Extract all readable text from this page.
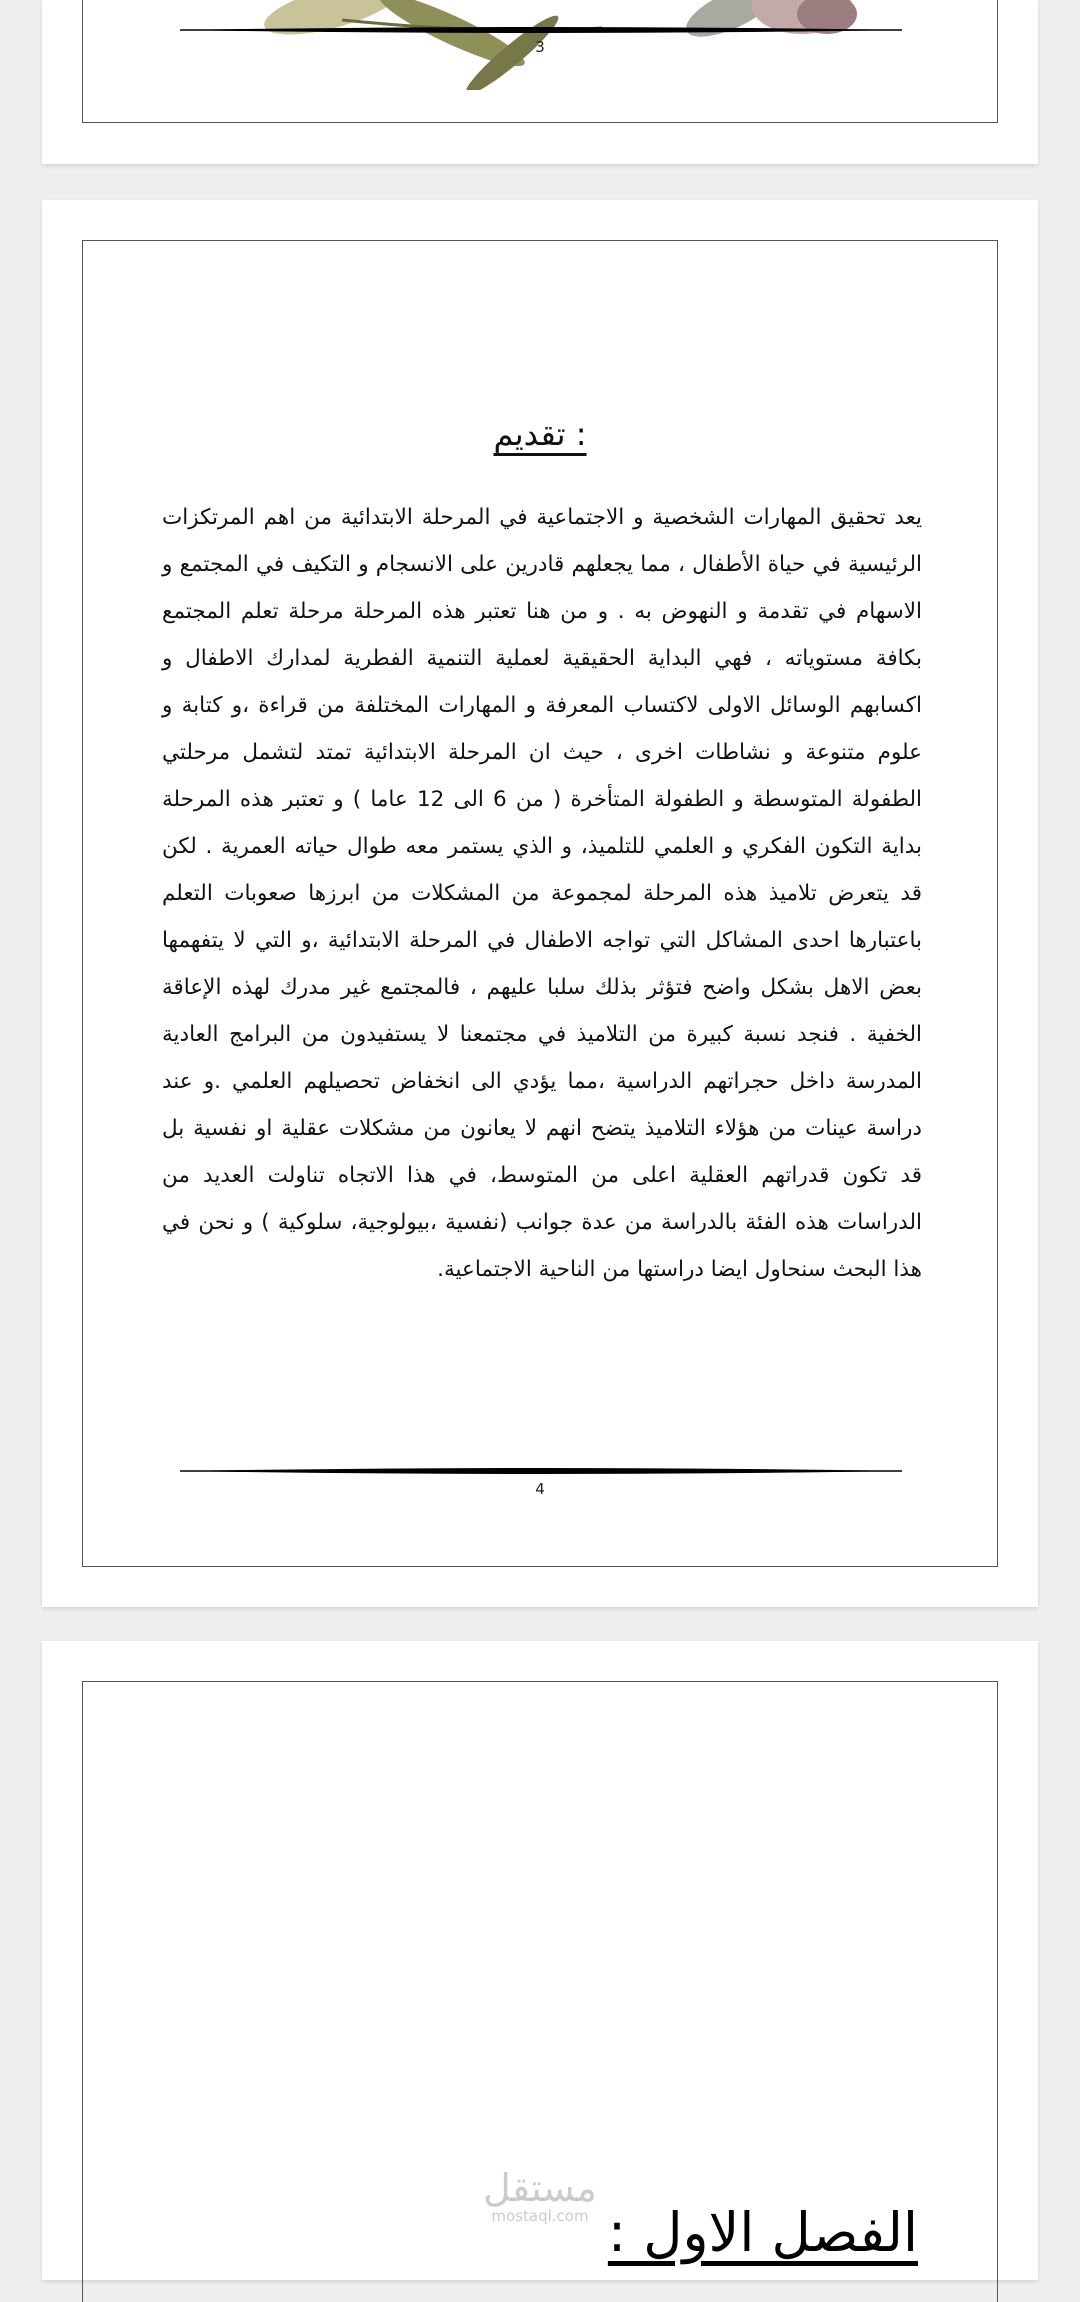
3
تقديم :

يعد تحقيق المهارات الشخصية و الاجتماعية في المرحلة الابتدائية من اهم المرتكزات الرئيسية في حياة الأطفال ، مما يجعلهم قادرين على الانسجام و التكيف في المجتمع و الاسهام في تقدمة و النهوض به . و من هنا تعتبر هذه المرحلة مرحلة تعلم المجتمع بكافة مستوياته ، فهي البداية الحقيقية لعملية التنمية الفطرية لمدارك الاطفال و اكسابهم الوسائل الاولى لاكتساب المعرفة و المهارات المختلفة من قراءة ،و كتابة و علوم متنوعة و نشاطات اخرى ، حيث ان المرحلة الابتدائية تمتد لتشمل مرحلتي الطفولة المتوسطة و الطفولة المتأخرة ( من 6 الى 12 عاما ) و تعتبر هذه المرحلة بداية التكون الفكري و العلمي للتلميذ، و الذي يستمر معه طوال حياته العمرية . لكن قد يتعرض تلاميذ هذه المرحلة لمجموعة من المشكلات من ابرزها صعوبات التعلم باعتبارها احدى المشاكل التي تواجه الاطفال في المرحلة الابتدائية ،و التي لا يتفهمها بعض الاهل بشكل واضح فتؤثر بذلك سلبا عليهم ، فالمجتمع غير مدرك لهذه الإعاقة الخفية . فنجد نسبة كبيرة من التلاميذ في مجتمعنا لا يستفيدون من البرامج العادية المدرسة داخل حجراتهم الدراسية ،مما يؤدي الى انخفاض تحصيلهم العلمي .و عند دراسة عينات من هؤلاء التلاميذ يتضح انهم لا يعانون من مشكلات عقلية او نفسية بل قد تكون قدراتهم العقلية اعلى من المتوسط، في هذا الاتجاه تناولت العديد من الدراسات هذه الفئة بالدراسة من عدة جوانب (نفسية ،بيولوجية، سلوكية ) و نحن في هذا البحث سنحاول ايضا دراستها من الناحية الاجتماعية.

4
الفصل الاول :
مستقل
mostaql.com
